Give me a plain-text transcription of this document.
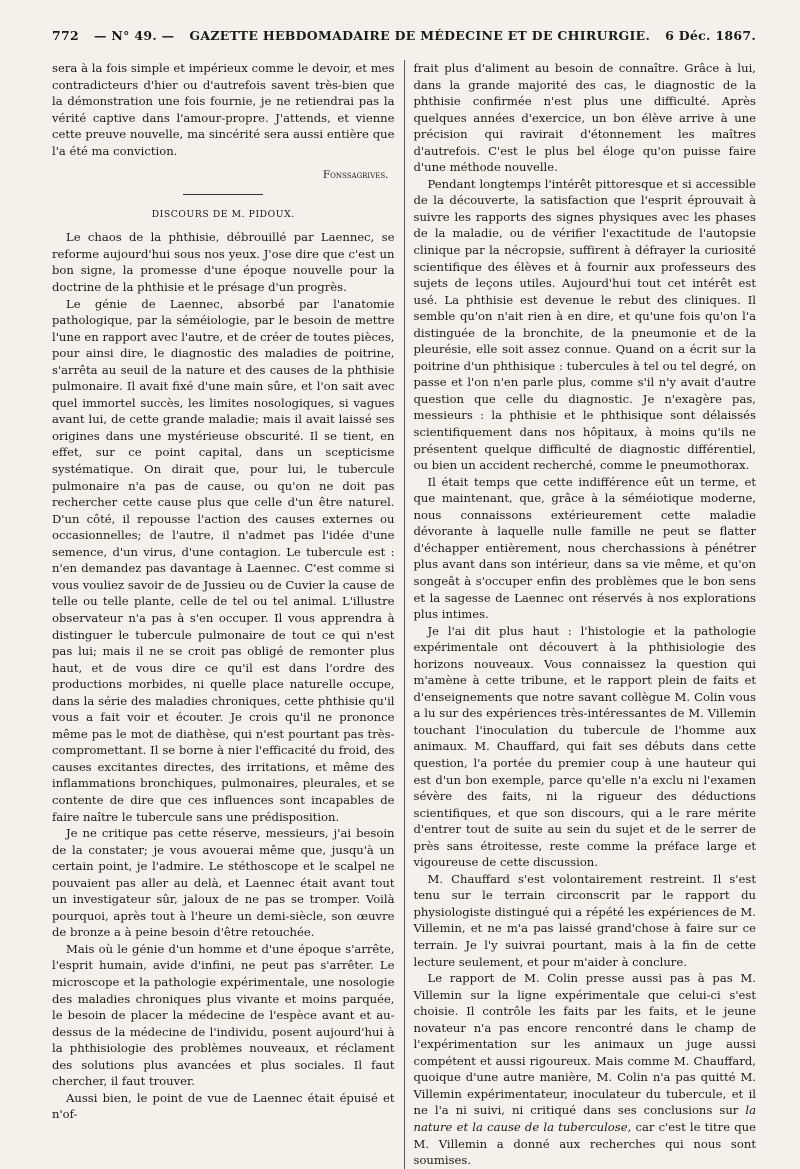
772 — N° 49. — GAZETTE HEBDOMADAIRE DE MÉDECINE ET DE CHIRURGIE. 6 Déc. 1867.

sera à la fois simple et impérieux comme le devoir, et mes contradicteurs d'hier ou d'autrefois savent très-bien que la démonstration une fois fournie, je ne retiendrai pas la vérité captive dans l'amour-propre. J'attends, et vienne cette preuve nouvelle, ma sincérité sera aussi entière que l'a été ma conviction.

Fonssagrives.
DISCOURS DE M. PIDOUX.

Le chaos de la phthisie, débrouillé par Laennec, se reforme aujourd'hui sous nos yeux. J'ose dire que c'est un bon signe, la promesse d'une époque nouvelle pour la doctrine de la phthisie et le présage d'un progrès.

Le génie de Laennec, absorbé par l'anatomie pathologique, par la séméiologie, par le besoin de mettre l'une en rapport avec l'autre, et de créer de toutes pièces, pour ainsi dire, le diagnostic des maladies de poitrine, s'arrêta au seuil de la nature et des causes de la phthisie pulmonaire. Il avait fixé d'une main sûre, et l'on sait avec quel immortel succès, les limites nosologiques, si vagues avant lui, de cette grande maladie; mais il avait laissé ses origines dans une mystérieuse obscurité. Il se tient, en effet, sur ce point capital, dans un scepticisme systématique. On dirait que, pour lui, le tubercule pulmonaire n'a pas de cause, ou qu'on ne doit pas rechercher cette cause plus que celle d'un être naturel. D'un côté, il repousse l'action des causes externes ou occasionnelles; de l'autre, il n'admet pas l'idée d'une semence, d'un virus, d'une contagion. Le tubercule est : n'en demandez pas davantage à Laennec. C'est comme si vous vouliez savoir de de Jussieu ou de Cuvier la cause de telle ou telle plante, celle de tel ou tel animal. L'illustre observateur n'a pas à s'en occuper. Il vous apprendra à distinguer le tubercule pulmonaire de tout ce qui n'est pas lui; mais il ne se croit pas obligé de remonter plus haut, et de vous dire ce qu'il est dans l'ordre des productions morbides, ni quelle place naturelle occupe, dans la série des maladies chroniques, cette phthisie qu'il vous a fait voir et écouter. Je crois qu'il ne prononce même pas le mot de diathèse, qui n'est pourtant pas très-compromettant. Il se borne à nier l'efficacité du froid, des causes excitantes directes, des irritations, et même des inflammations bronchiques, pulmonaires, pleurales, et se contente de dire que ces influences sont incapables de faire naître le tubercule sans une prédisposition.

Je ne critique pas cette réserve, messieurs, j'ai besoin de la constater; je vous avouerai même que, jusqu'à un certain point, je l'admire. Le stéthoscope et le scalpel ne pouvaient pas aller au delà, et Laennec était avant tout un investigateur sûr, jaloux de ne pas se tromper. Voilà pourquoi, après tout à l'heure un demi-siècle, son œuvre de bronze a à peine besoin d'être retouchée.

Mais où le génie d'un homme et d'une époque s'arrête, l'esprit humain, avide d'infini, ne peut pas s'arrêter. Le microscope et la pathologie expérimentale, une nosologie des maladies chroniques plus vivante et moins parquée, le besoin de placer la médecine de l'espèce avant et au-dessus de la médecine de l'individu, posent aujourd'hui à la phthisiologie des problèmes nouveaux, et réclament des solutions plus avancées et plus sociales. Il faut chercher, il faut trouver.

Aussi bien, le point de vue de Laennec était épuisé et n'of-

frait plus d'aliment au besoin de connaître. Grâce à lui, dans la grande majorité des cas, le diagnostic de la phthisie confirmée n'est plus une difficulté. Après quelques années d'exercice, un bon élève arrive à une précision qui ravirait d'étonnement les maîtres d'autrefois. C'est le plus bel éloge qu'on puisse faire d'une méthode nouvelle.

Pendant longtemps l'intérêt pittoresque et si accessible de la découverte, la satisfaction que l'esprit éprouvait à suivre les rapports des signes physiques avec les phases de la maladie, ou de vérifier l'exactitude de l'autopsie clinique par la nécropsie, suffirent à défrayer la curiosité scientifique des élèves et à fournir aux professeurs des sujets de leçons utiles. Aujourd'hui tout cet intérêt est usé. La phthisie est devenue le rebut des cliniques. Il semble qu'on n'ait rien à en dire, et qu'une fois qu'on l'a distinguée de la bronchite, de la pneumonie et de la pleurésie, elle soit assez connue. Quand on a écrit sur la poitrine d'un phthisique : tubercules à tel ou tel degré, on passe et l'on n'en parle plus, comme s'il n'y avait d'autre question que celle du diagnostic. Je n'exagère pas, messieurs : la phthisie et le phthisique sont délaissés scientifiquement dans nos hôpitaux, à moins qu'ils ne présentent quelque difficulté de diagnostic différentiel, ou bien un accident recherché, comme le pneumothorax.

Il était temps que cette indifférence eût un terme, et que maintenant, que, grâce à la séméiotique moderne, nous connaissons extérieurement cette maladie dévorante à laquelle nulle famille ne peut se flatter d'échapper entièrement, nous cherchassions à pénétrer plus avant dans son intérieur, dans sa vie même, et qu'on songeât à s'occuper enfin des problèmes que le bon sens et la sagesse de Laennec ont réservés à nos explorations plus intimes.

Je l'ai dit plus haut : l'histologie et la pathologie expérimentale ont découvert à la phthisiologie des horizons nouveaux. Vous connaissez la question qui m'amène à cette tribune, et le rapport plein de faits et d'enseignements que notre savant collègue M. Colin vous a lu sur des expériences très-intéressantes de M. Villemin touchant l'inoculation du tubercule de l'homme aux animaux. M. Chauffard, qui fait ses débuts dans cette question, l'a portée du premier coup à une hauteur qui est d'un bon exemple, parce qu'elle n'a exclu ni l'examen sévère des faits, ni la rigueur des déductions scientifiques, et que son discours, qui a le rare mérite d'entrer tout de suite au sein du sujet et de le serrer de près sans étroitesse, reste comme la préface large et vigoureuse de cette discussion.

M. Chauffard s'est volontairement restreint. Il s'est tenu sur le terrain circonscrit par le rapport du physiologiste distingué qui a répété les expériences de M. Villemin, et ne m'a pas laissé grand'chose à faire sur ce terrain. Je l'y suivrai pourtant, mais à la fin de cette lecture seulement, et pour m'aider à conclure.

Le rapport de M. Colin presse aussi pas à pas M. Villemin sur la ligne expérimentale que celui-ci s'est choisie. Il contrôle les faits par les faits, et le jeune novateur n'a pas encore rencontré dans le champ de l'expérimentation sur les animaux un juge aussi compétent et aussi rigoureux. Mais comme M. Chauffard, quoique d'une autre manière, M. Colin n'a pas quitté M. Villemin expérimentateur, inoculateur du tubercule, et il ne l'a ni suivi, ni critiqué dans ses conclusions sur la nature et la cause de la tuberculose, car c'est le titre que M. Villemin a donné aux recherches qui nous sont soumises.
